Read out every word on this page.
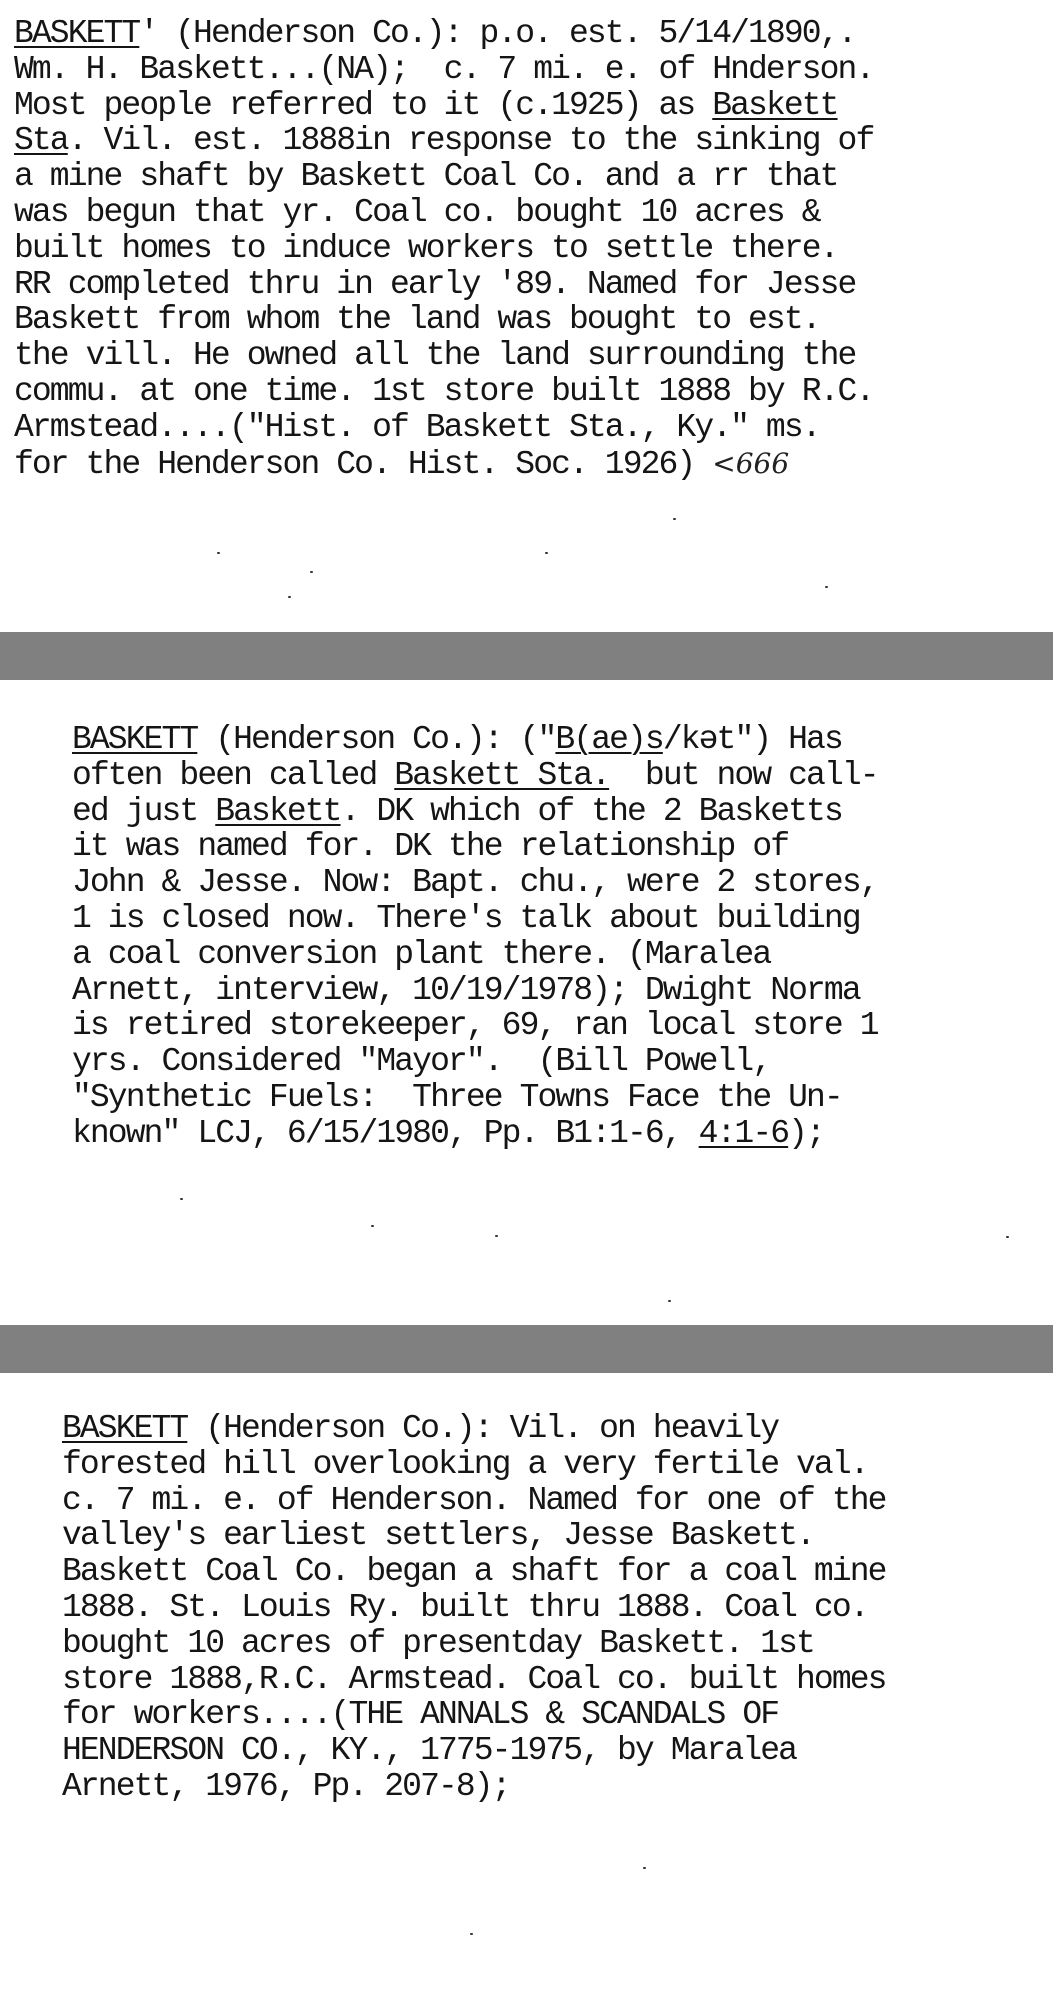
BASKETT' (Henderson Co.): p.o. est. 5/14/1890,.
Wm. H. Baskett...(NA);  c. 7 mi. e. of Hnderson.
Most people referred to it (c.1925) as Baskett
Sta. Vil. est. 1888in response to the sinking of
a mine shaft by Baskett Coal Co. and a rr that
was begun that yr. Coal co. bought 10 acres &
built homes to induce workers to settle there.
RR completed thru in early '89. Named for Jesse
Baskett from whom the land was bought to est.
the vill. He owned all the land surrounding the
commu. at one time. 1st store built 1888 by R.C.
Armstead....("Hist. of Baskett Sta., Ky." ms.
for the Henderson Co. Hist. Soc. 1926) <666
BASKETT (Henderson Co.): ("B(ae)s/kət") Has
often been called Baskett Sta.  but now call-
ed just Baskett. DK which of the 2 Basketts
it was named for. DK the relationship of
John & Jesse. Now: Bapt. chu., were 2 stores,
1 is closed now. There's talk about building
a coal conversion plant there. (Maralea
Arnett, interview, 10/19/1978); Dwight Norma
is retired storekeeper, 69, ran local store 1
yrs. Considered "Mayor".  (Bill Powell,
"Synthetic Fuels:  Three Towns Face the Un-
known" LCJ, 6/15/1980, Pp. B1:1-6, 4:1-6);
BASKETT (Henderson Co.): Vil. on heavily
forested hill overlooking a very fertile val.
c. 7 mi. e. of Henderson. Named for one of the
valley's earliest settlers, Jesse Baskett.
Baskett Coal Co. began a shaft for a coal mine
1888. St. Louis Ry. built thru 1888. Coal co.
bought 10 acres of presentday Baskett. 1st
store 1888,R.C. Armstead. Coal co. built homes
for workers....(THE ANNALS & SCANDALS OF
HENDERSON CO., KY., 1775-1975, by Maralea
Arnett, 1976, Pp. 207-8);
